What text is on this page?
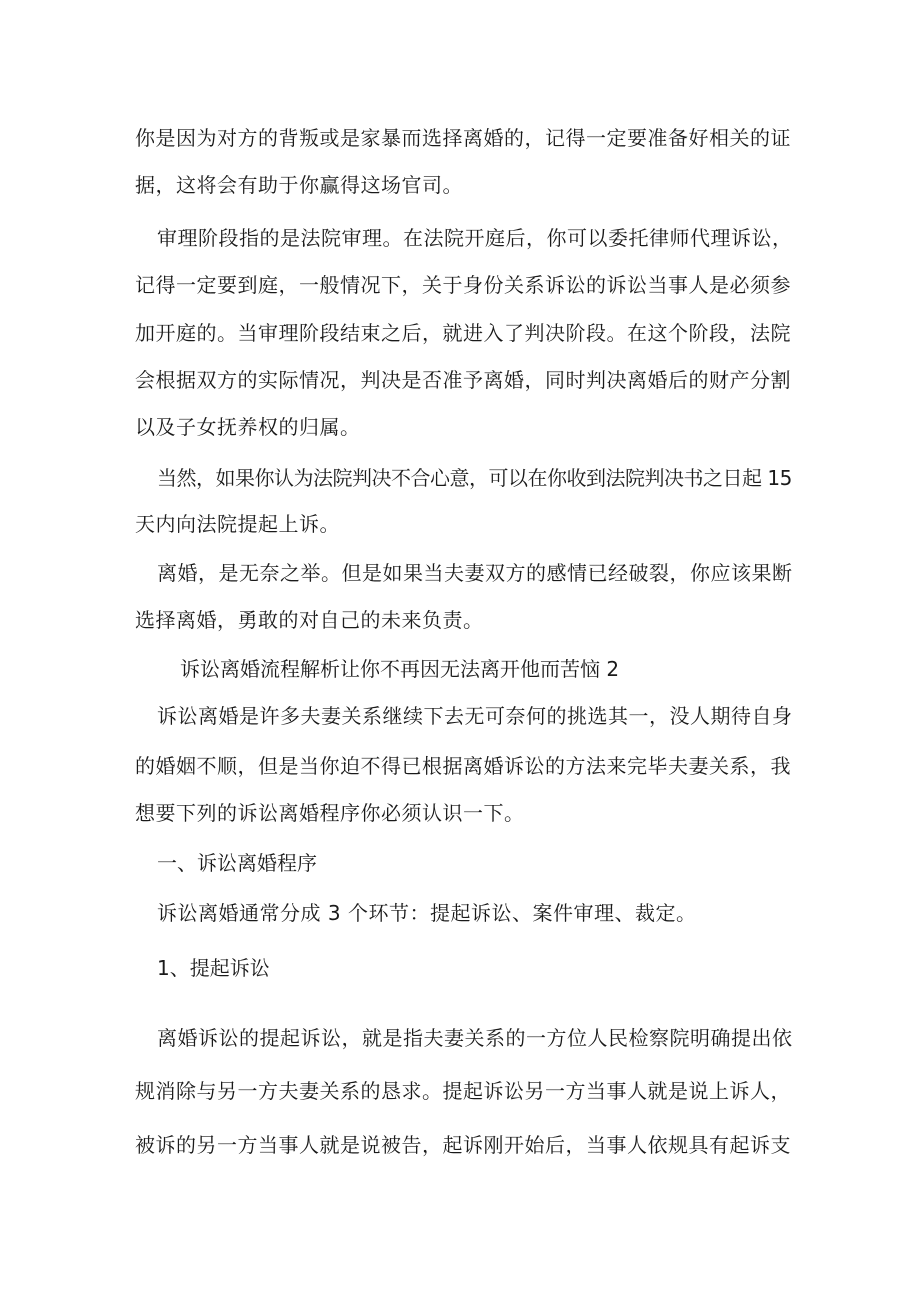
你是因为对方的背叛或是家暴而选择离婚的，记得一定要准备好相关的证
据，这将会有助于你赢得这场官司。
审理阶段指的是法院审理。在法院开庭后，你可以委托律师代理诉讼，
记得一定要到庭，一般情况下，关于身份关系诉讼的诉讼当事人是必须参
加开庭的。当审理阶段结束之后，就进入了判决阶段。在这个阶段，法院
会根据双方的实际情况，判决是否准予离婚，同时判决离婚后的财产分割
以及子女抚养权的归属。
当然，如果你认为法院判决不合心意，可以在你收到法院判决书之日起 15
天内向法院提起上诉。
离婚，是无奈之举。但是如果当夫妻双方的感情已经破裂，你应该果断
选择离婚，勇敢的对自己的未来负责。
诉讼离婚流程解析让你不再因无法离开他而苦恼 2
诉讼离婚是许多夫妻关系继续下去无可奈何的挑选其一，没人期待自身
的婚姻不顺，但是当你迫不得已根据离婚诉讼的方法来完毕夫妻关系，我
想要下列的诉讼离婚程序你必须认识一下。
一、诉讼离婚程序
诉讼离婚通常分成 3 个环节：提起诉讼、案件审理、裁定。
1、提起诉讼
离婚诉讼的提起诉讼，就是指夫妻关系的一方位人民检察院明确提出依
规消除与另一方夫妻关系的恳求。提起诉讼另一方当事人就是说上诉人，
被诉的另一方当事人就是说被告，起诉刚开始后，当事人依规具有起诉支
